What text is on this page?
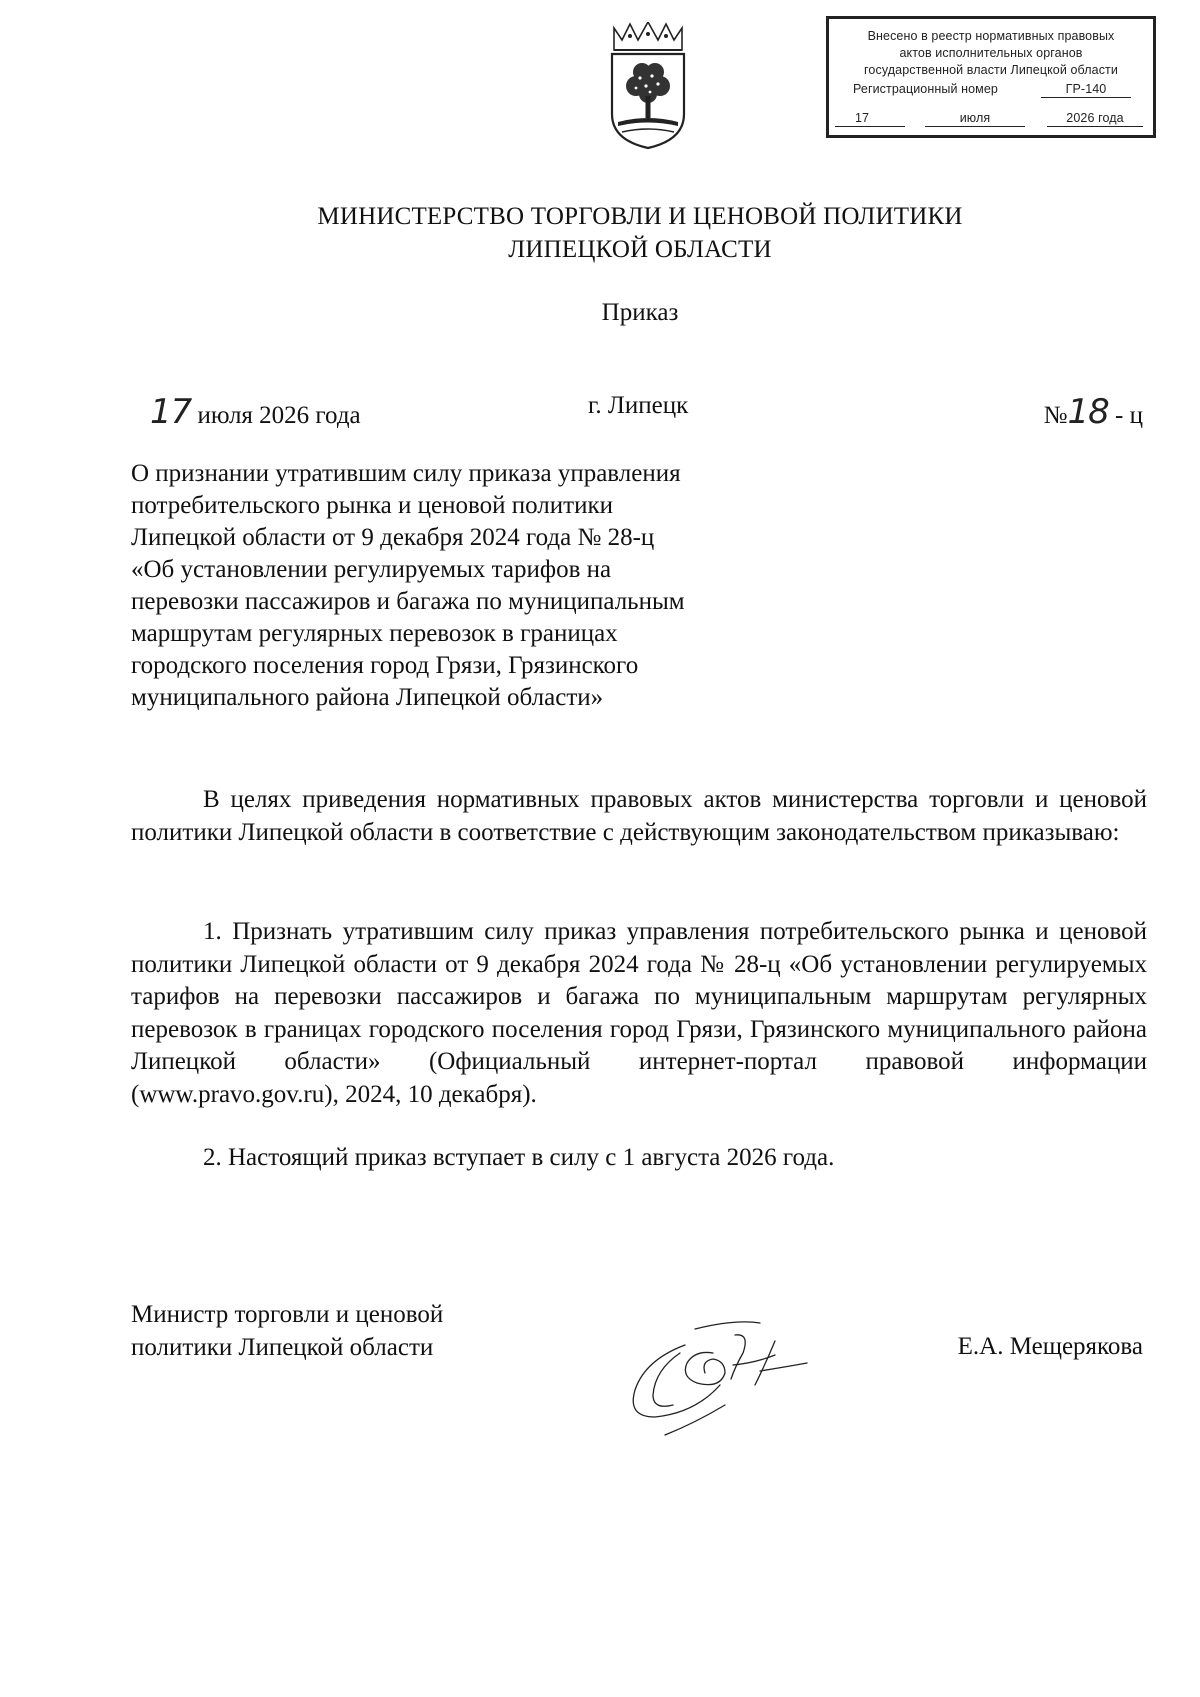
Внесено в реестр нормативных правовых
актов исполнительных органов
государственной власти Липецкой области
Регистрационный номер	ГР-140
17	июля	2026 года
МИНИСТЕРСТВО ТОРГОВЛИ И ЦЕНОВОЙ ПОЛИТИКИ
ЛИПЕЦКОЙ ОБЛАСТИ
Приказ
17 июля 2026 года	г. Липецк	№18 - ц
О признании утратившим силу приказа управления
потребительского рынка и ценовой политики
Липецкой области от 9 декабря 2024 года № 28-ц
«Об установлении регулируемых тарифов на
перевозки пассажиров и багажа по муниципальным
маршрутам регулярных перевозок в границах
городского поселения город Грязи, Грязинского
муниципального района Липецкой области»

В целях приведения нормативных правовых актов министерства торговли и ценовой политики Липецкой области в соответствие с действующим законодательством приказываю:

1. Признать утратившим силу приказ управления потребительского рынка и ценовой политики Липецкой области от 9 декабря 2024 года № 28-ц «Об установлении регулируемых тарифов на перевозки пассажиров и багажа по муниципальным маршрутам регулярных перевозок в границах городского поселения город Грязи, Грязинского муниципального района Липецкой области» (Официальный интернет-портал правовой информации (www.pravo.gov.ru), 2024, 10 декабря).

2. Настоящий приказ вступает в силу с 1 августа 2026 года.

Министр торговли и ценовой
политики Липецкой области	Е.А. Мещерякова
